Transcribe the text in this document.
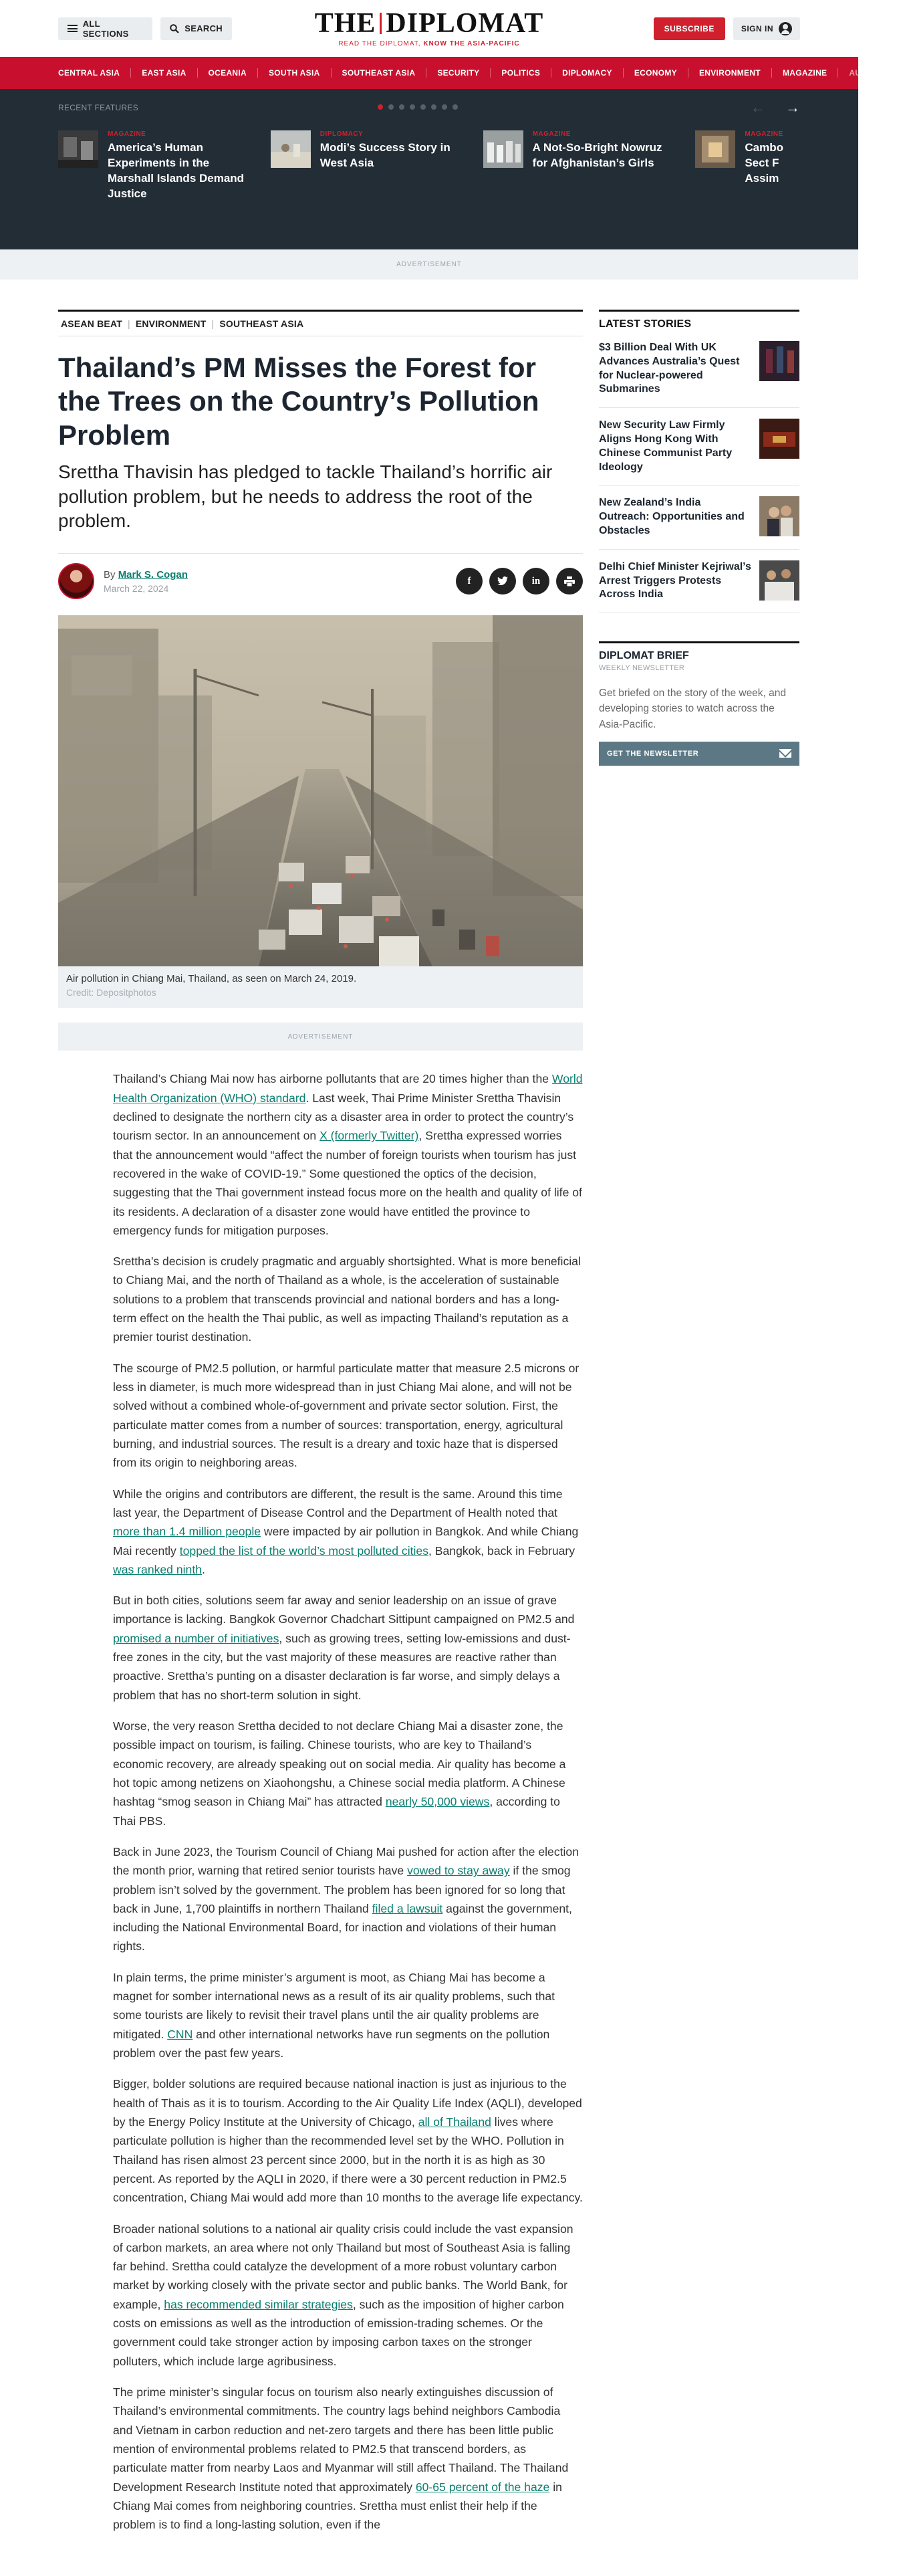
ALL SECTIONS	SEARCH	THE DIPLOMAT
READ THE DIPLOMAT, KNOW THE ASIA-PACIFIC
SUBSCRIBE	SIGN IN
CENTRAL ASIA	EAST ASIA	OCEANIA	SOUTH ASIA	SOUTHEAST ASIA	SECURITY	POLITICS	DIPLOMACY	ECONOMY	ENVIRONMENT	MAGAZINE	AUTHORS
RECENT FEATURES	← →
MAGAZINE
America’s Human Experiments in the Marshall Islands Demand Justice
DIPLOMACY
Modi’s Success Story in West Asia
MAGAZINE
A Not-So-Bright Nowruz for Afghanistan’s Girls
MAGAZINE
Cambo Sect F Assim
ADVERTISEMENT
ASEAN BEAT | ENVIRONMENT | SOUTHEAST ASIA
Thailand’s PM Misses the Forest for the Trees on the Country’s Pollution Problem

Srettha Thavisin has pledged to tackle Thailand’s horrific air pollution problem, but he needs to address the root of the problem.

By Mark S. Cogan
March 22, 2024
f	in
Air pollution in Chiang Mai, Thailand, as seen on March 24, 2019.
Credit: Depositphotos
ADVERTISEMENT

Thailand’s Chiang Mai now has airborne pollutants that are 20 times higher than the World Health Organization (WHO) standard. Last week, Thai Prime Minister Srettha Thavisin declined to designate the northern city as a disaster area in order to protect the country’s tourism sector. In an announcement on X (formerly Twitter), Srettha expressed worries that the announcement would “affect the number of foreign tourists when tourism has just recovered in the wake of COVID-19.” Some questioned the optics of the decision, suggesting that the Thai government instead focus more on the health and quality of life of its residents. A declaration of a disaster zone would have entitled the province to emergency funds for mitigation purposes.

Srettha’s decision is crudely pragmatic and arguably shortsighted. What is more beneficial to Chiang Mai, and the north of Thailand as a whole, is the acceleration of sustainable solutions to a problem that transcends provincial and national borders and has a long-term effect on the health the Thai public, as well as impacting Thailand’s reputation as a premier tourist destination.

The scourge of PM2.5 pollution, or harmful particulate matter that measure 2.5 microns or less in diameter, is much more widespread than in just Chiang Mai alone, and will not be solved without a combined whole-of-government and private sector solution. First, the particulate matter comes from a number of sources: transportation, energy, agricultural burning, and industrial sources. The result is a dreary and toxic haze that is dispersed from its origin to neighboring areas.

While the origins and contributors are different, the result is the same. Around this time last year, the Department of Disease Control and the Department of Health noted that more than 1.4 million people were impacted by air pollution in Bangkok. And while Chiang Mai recently topped the list of the world’s most polluted cities, Bangkok, back in February was ranked ninth.

But in both cities, solutions seem far away and senior leadership on an issue of grave importance is lacking. Bangkok Governor Chadchart Sittipunt campaigned on PM2.5 and promised a number of initiatives, such as growing trees, setting low-emissions and dust-free zones in the city, but the vast majority of these measures are reactive rather than proactive. Srettha’s punting on a disaster declaration is far worse, and simply delays a problem that has no short-term solution in sight.

Worse, the very reason Srettha decided to not declare Chiang Mai a disaster zone, the possible impact on tourism, is failing. Chinese tourists, who are key to Thailand’s economic recovery, are already speaking out on social media. Air quality has become a hot topic among netizens on Xiaohongshu, a Chinese social media platform. A Chinese hashtag “smog season in Chiang Mai” has attracted nearly 50,000 views, according to Thai PBS.

Back in June 2023, the Tourism Council of Chiang Mai pushed for action after the election the month prior, warning that retired senior tourists have vowed to stay away if the smog problem isn’t solved by the government. The problem has been ignored for so long that back in June, 1,700 plaintiffs in northern Thailand filed a lawsuit against the government, including the National Environmental Board, for inaction and violations of their human rights.

In plain terms, the prime minister’s argument is moot, as Chiang Mai has become a magnet for somber international news as a result of its air quality problems, such that some tourists are likely to revisit their travel plans until the air quality problems are mitigated. CNN and other international networks have run segments on the pollution problem over the past few years.

Bigger, bolder solutions are required because national inaction is just as injurious to the health of Thais as it is to tourism. According to the Air Quality Life Index (AQLI), developed by the Energy Policy Institute at the University of Chicago, all of Thailand lives where particulate pollution is higher than the recommended level set by the WHO. Pollution in Thailand has risen almost 23 percent since 2000, but in the north it is as high as 30 percent. As reported by the AQLI in 2020, if there were a 30 percent reduction in PM2.5 concentration, Chiang Mai would add more than 10 months to the average life expectancy.

Broader national solutions to a national air quality crisis could include the vast expansion of carbon markets, an area where not only Thailand but most of Southeast Asia is falling far behind. Srettha could catalyze the development of a more robust voluntary carbon market by working closely with the private sector and public banks. The World Bank, for example, has recommended similar strategies, such as the imposition of higher carbon costs on emissions as well as the introduction of emission-trading schemes. Or the government could take stronger action by imposing carbon taxes on the stronger polluters, which include large agribusiness.

The prime minister’s singular focus on tourism also nearly extinguishes discussion of Thailand’s environmental commitments. The country lags behind neighbors Cambodia and Vietnam in carbon reduction and net-zero targets and there has been little public mention of environmental problems related to PM2.5 that transcend borders, as particulate matter from nearby Laos and Myanmar will still affect Thailand. The Thailand Development Research Institute noted that approximately 60-65 percent of the haze in Chiang Mai comes from neighboring countries. Srettha must enlist their help if the problem is to find a long-lasting solution, even if the

LATEST STORIES
$3 Billion Deal With UK Advances Australia’s Quest for Nuclear-powered Submarines
New Security Law Firmly Aligns Hong Kong With Chinese Communist Party Ideology
New Zealand’s India Outreach: Opportunities and Obstacles
Delhi Chief Minister Kejriwal’s Arrest Triggers Protests Across India
DIPLOMAT BRIEF
WEEKLY NEWSLETTER

Get briefed on the story of the week, and developing stories to watch across the Asia-Pacific.

GET THE NEWSLETTER
